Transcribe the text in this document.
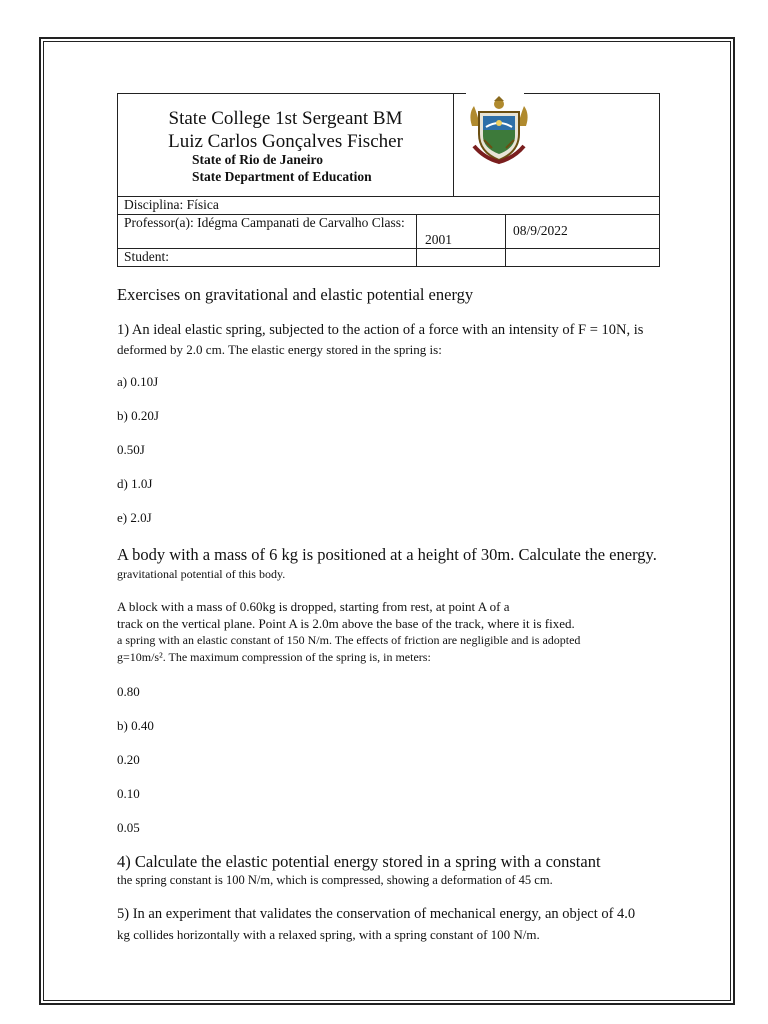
State College 1st Sergeant BM
Luiz Carlos Gonçalves Fischer
State of Rio de Janeiro
State Department of Education
Disciplina: Física
Professor(a): Idégma Campanati de Carvalho Class:
2001
08/9/2022
Student:
Exercises on gravitational and elastic potential energy
1) An ideal elastic spring, subjected to the action of a force with an intensity of F = 10N, is
deformed by 2.0 cm. The elastic energy stored in the spring is:
a) 0.10J
b) 0.20J
0.50J
d) 1.0J
e) 2.0J
A body with a mass of 6 kg is positioned at a height of 30m. Calculate the energy.
gravitational potential of this body.
A block with a mass of 0.60kg is dropped, starting from rest, at point A of a
track on the vertical plane. Point A is 2.0m above the base of the track, where it is fixed.
a spring with an elastic constant of 150 N/m. The effects of friction are negligible and is adopted
g=10m/s². The maximum compression of the spring is, in meters:
0.80
b) 0.40
0.20
0.10
0.05
4) Calculate the elastic potential energy stored in a spring with a constant
the spring constant is 100 N/m, which is compressed, showing a deformation of 45 cm.
5) In an experiment that validates the conservation of mechanical energy, an object of 4.0
kg collides horizontally with a relaxed spring, with a spring constant of 100 N/m.
